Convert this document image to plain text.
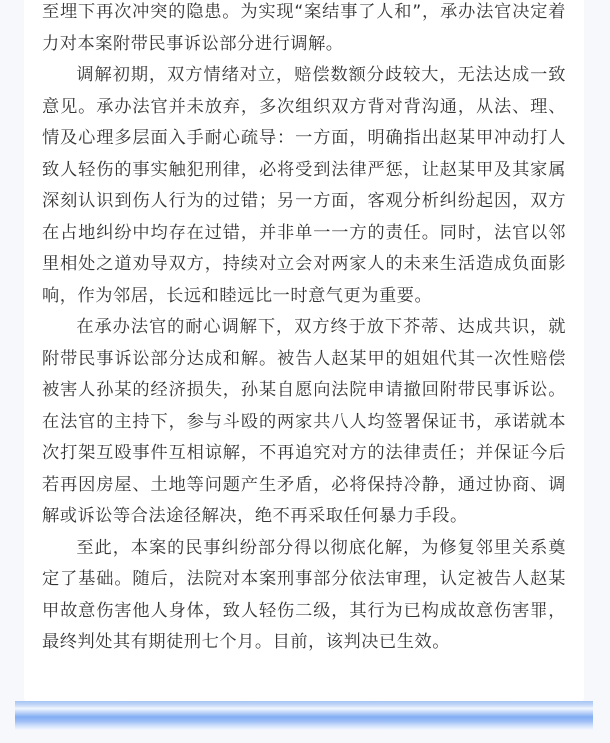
至埋下再次冲突的隐患。为实现“案结事了人和”，承办法官决定着力对本案附带民事诉讼部分进行调解。

调解初期，双方情绪对立，赔偿数额分歧较大，无法达成一致意见。承办法官并未放弃，多次组织双方背对背沟通，从法、理、情及心理多层面入手耐心疏导：一方面，明确指出赵某甲冲动打人致人轻伤的事实触犯刑律，必将受到法律严惩，让赵某甲及其家属深刻认识到伤人行为的过错；另一方面，客观分析纠纷起因，双方在占地纠纷中均存在过错，并非单一一方的责任。同时，法官以邻里相处之道劝导双方，持续对立会对两家人的未来生活造成负面影响，作为邻居，长远和睦远比一时意气更为重要。

在承办法官的耐心调解下，双方终于放下芥蒂、达成共识，就附带民事诉讼部分达成和解。被告人赵某甲的姐姐代其一次性赔偿被害人孙某的经济损失，孙某自愿向法院申请撤回附带民事诉讼。在法官的主持下，参与斗殴的两家共八人均签署保证书，承诺就本次打架互殴事件互相谅解，不再追究对方的法律责任；并保证今后若再因房屋、土地等问题产生矛盾，必将保持冷静，通过协商、调解或诉讼等合法途径解决，绝不再采取任何暴力手段。

至此，本案的民事纠纷部分得以彻底化解，为修复邻里关系奠定了基础。随后，法院对本案刑事部分依法审理，认定被告人赵某甲故意伤害他人身体，致人轻伤二级，其行为已构成故意伤害罪，最终判处其有期徒刑七个月。目前，该判决已生效。
